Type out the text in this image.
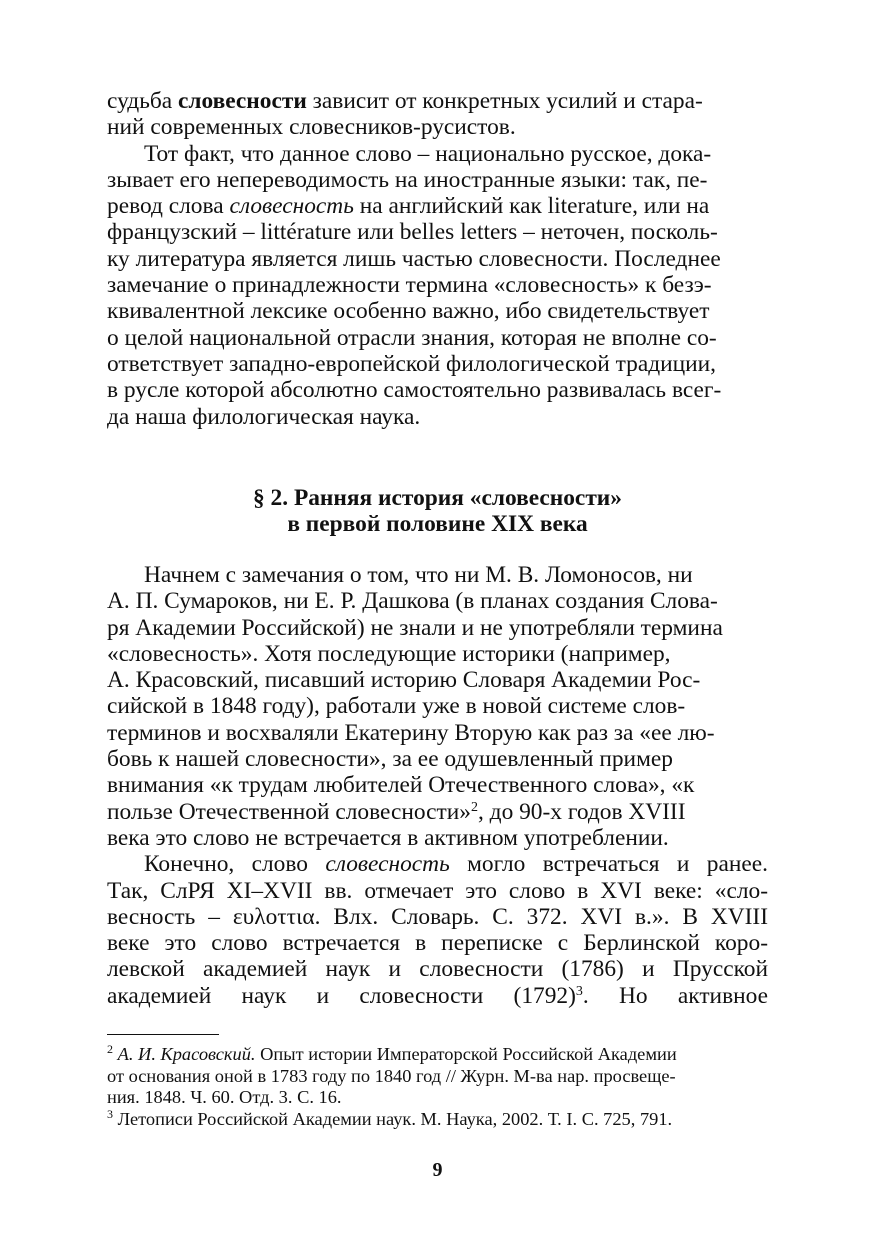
судьба словесности зависит от конкретных усилий и стара-
ний современных словесников-русистов.

Тот факт, что данное слово – национально русское, дока-
зывает его непереводимость на иностранные языки: так, пе-
ревод слова словесность на английский как literature, или на
французский – littérature или belles letters – неточен, посколь-
ку литература является лишь частью словесности. Последнее
замечание о принадлежности термина «словесность» к безэ-
квивалентной лексике особенно важно, ибо свидетельствует
о целой национальной отрасли знания, которая не вполне со-
ответствует западно-европейской филологической традиции,
в русле которой абсолютно самостоятельно развивалась всег-
да наша филологическая наука.

§ 2. Ранняя история «словесности»
в первой половине XIX века

Начнем с замечания о том, что ни М. В. Ломоносов, ни
А. П. Сумароков, ни Е. Р. Дашкова (в планах создания Слова-
ря Академии Российской) не знали и не употребляли термина
«словесность». Хотя последующие историки (например,
А. Красовский, писавший историю Словаря Академии Рос-
сийской в 1848 году), работали уже в новой системе слов-
терминов и восхваляли Екатерину Вторую как раз за «ее лю-
бовь к нашей словесности», за ее одушевленный пример
внимания «к трудам любителей Отечественного слова», «к
пользе Отечественной словесности»$^2$, до 90-х годов XVIII
века это слово не встречается в активном употреблении.

Конечно, слово словесность могло встречаться и ранее.
Так, СлРЯ XI–XVII вв. отмечает это слово в XVI веке: «сло-
весность – ευλοττια. Влх. Словарь. С. 372. XVI в.». В XVIII
веке это слово встречается в переписке с Берлинской коро-
левской академией наук и словесности (1786) и Прусской
академией наук и словесности $(1792)^3$. Но активное

$^2$ А. И. Красовский. Опыт истории Императорской Российской Академии
от основания оной в 1783 году по 1840 год // Журн. М-ва нар. просвеще-
ния. 1848. Ч. 60. Отд. 3. С. 16.

$^3$ Летописи Российской Академии наук. М. Наука, 2002. Т. I. С. 725, 791.

9
